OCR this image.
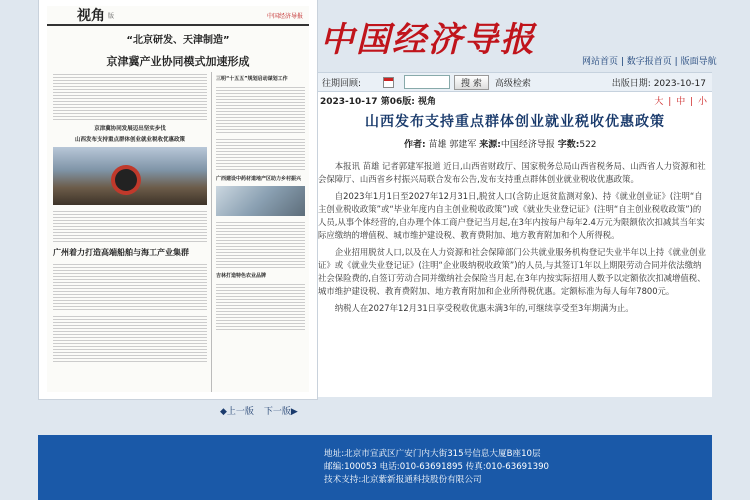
视角 版	中国经济导报
“北京研发、天津制造”
京津冀产业协同模式加速形成
京津冀协同发展迈出坚实步伐
山西发布支持重点群体创业就业税收优惠政策
广州着力打造高端船舶与海工产业集群
三明“十五五”规划启动谋划工作
广西建设中药材道地产区助力乡村振兴
吉林打造特色农业品牌
◆上一版 下一版▶
中国经济导报
网站首页 | 数字报首页 | 版面导航
往期回顾:	搜 索	高级检索	出版日期: 2023-10-17
2023-10-17 第06版: 视角	大 | 中 | 小
山西发布支持重点群体创业就业税收优惠政策
作者: 苗雄 郭建军 来源:中国经济导报 字数:522

本报讯 苗雄 记者郭建军报道 近日,山西省财政厅、国家税务总局山西省税务局、山西省人力资源和社会保障厅、山西省乡村振兴局联合发布公告,发布支持重点群体创业就业税收优惠政策。

自2023年1月1日至2027年12月31日,脱贫人口(含防止返贫监测对象)、持《就业创业证》(注明“自主创业税收政策”或“毕业年度内自主创业税收政策”)或《就业失业登记证》(注明“自主创业税收政策”)的人员,从事个体经营的,自办理个体工商户登记当月起,在3年内按每户每年2.4万元为限额依次扣减其当年实际应缴纳的增值税、城市维护建设税、教育费附加、地方教育附加和个人所得税。

企业招用脱贫人口,以及在人力资源和社会保障部门公共就业服务机构登记失业半年以上持《就业创业证》或《就业失业登记证》(注明“企业吸纳税收政策”)的人员,与其签订1年以上期限劳动合同并依法缴纳社会保险费的,自签订劳动合同并缴纳社会保险当月起,在3年内按实际招用人数予以定额依次扣减增值税、城市维护建设税、教育费附加、地方教育附加和企业所得税优惠。定额标准为每人每年7800元。

纳税人在2027年12月31日享受税收优惠未满3年的,可继续享受至3年期满为止。

地址:北京市宣武区广安门内大街315号信息大厦B座10层
邮编:100053 电话:010-63691895 传真:010-63691390
技术支持:北京紫新报通科技股份有限公司
